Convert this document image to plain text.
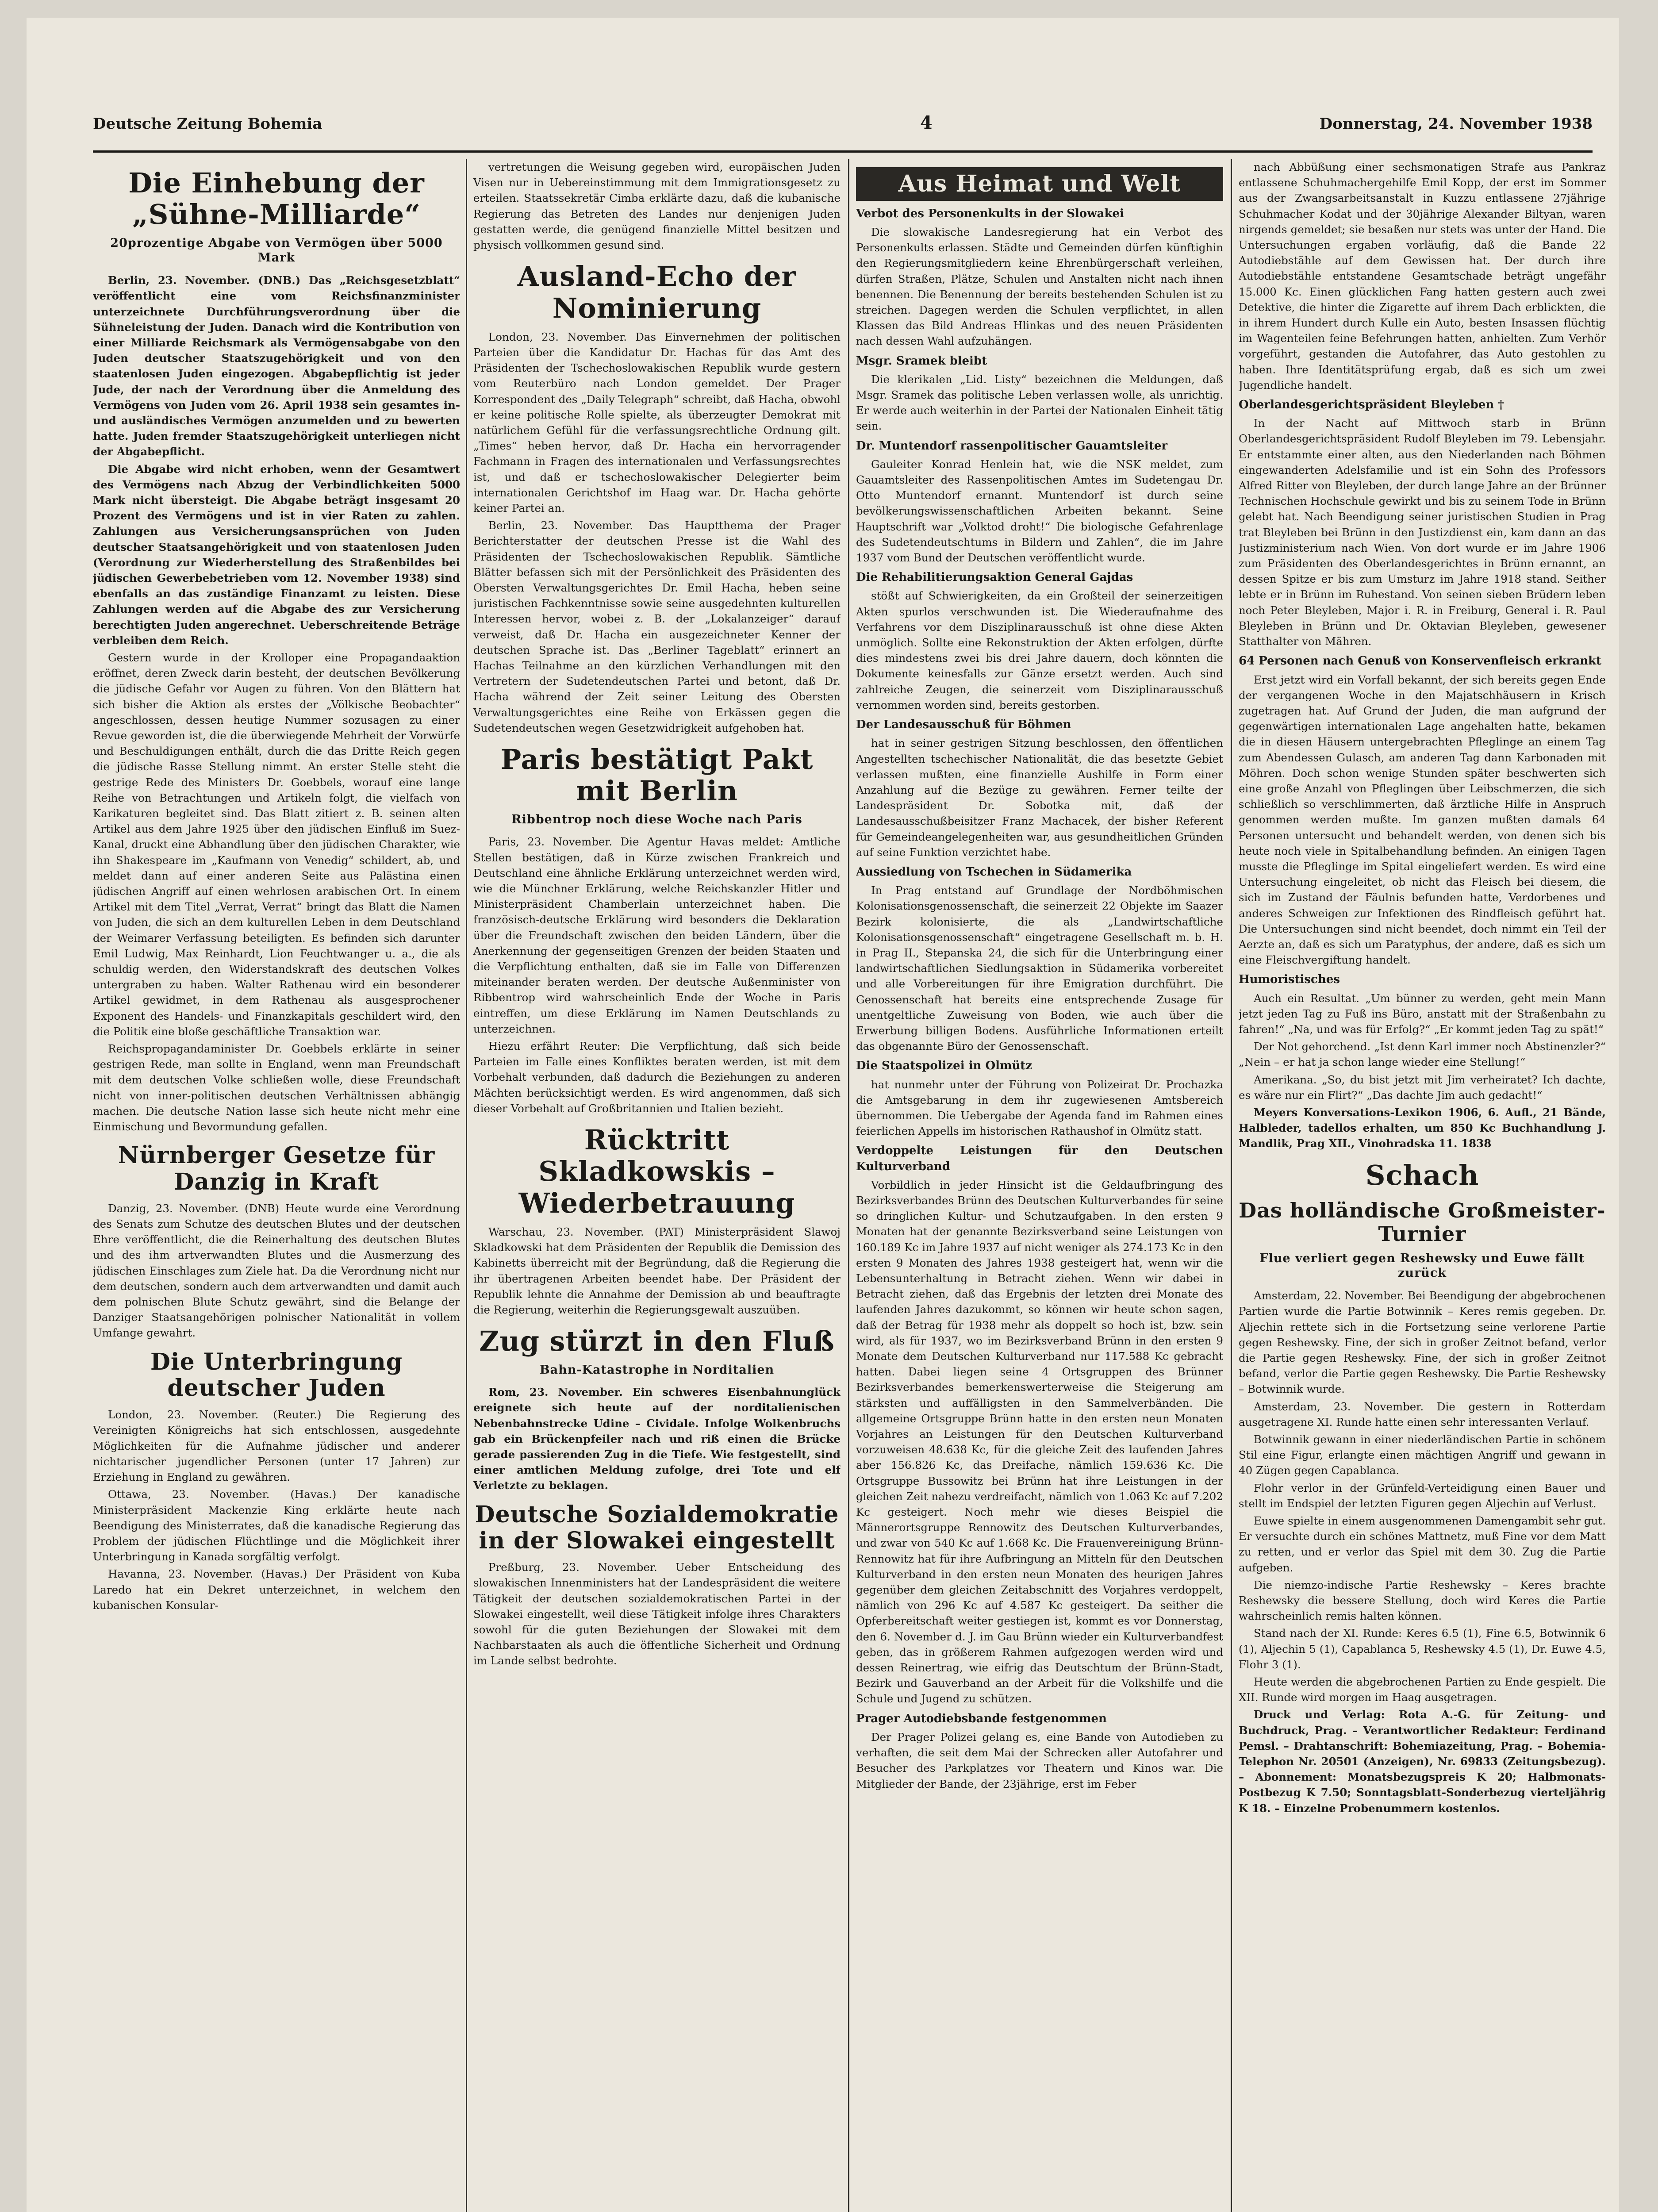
Deutsche Zeitung Bohemia	4	Donnerstag, 24. November 1938
Die Einhebung der „Sühne-Milliarde“
20prozentige Abgabe von Vermögen über 5000 Mark
Berlin, 23. November. (DNB.) Das „Reichsgesetzblatt“ veröffentlicht eine vom Reichsfinanzminister unterzeichnete Durchführungsverordnung über die Sühneleistung der Juden. Danach wird die Kontribution von einer Milliarde Reichsmark als Vermögensabgabe von den Juden deutscher Staatszugehörigkeit und von den staatenlosen Juden eingezogen. Abgabepflichtig ist jeder Jude, der nach der Verordnung über die Anmeldung des Vermögens von Juden vom 26. April 1938 sein gesamtes in- und ausländisches Vermögen anzumelden und zu bewerten hatte. Juden fremder Staatszugehörigkeit unterliegen nicht der Abgabepflicht.
Die Abgabe wird nicht erhoben, wenn der Gesamtwert des Vermögens nach Abzug der Verbindlichkeiten 5000 Mark nicht übersteigt. Die Abgabe beträgt insgesamt 20 Prozent des Vermögens und ist in vier Raten zu zahlen. Zahlungen aus Versicherungsansprüchen von Juden deutscher Staatsangehörigkeit und von staatenlosen Juden (Verordnung zur Wiederherstellung des Straßenbildes bei jüdischen Gewerbebetrieben vom 12. November 1938) sind ebenfalls an das zuständige Finanzamt zu leisten. Diese Zahlungen werden auf die Abgabe des zur Versicherung berechtigten Juden angerechnet. Ueberschreitende Beträge verbleiben dem Reich.
Gestern wurde in der Krolloper eine Propagandaaktion eröffnet, deren Zweck darin besteht, der deutschen Bevölkerung die jüdische Gefahr vor Augen zu führen. Von den Blättern hat sich bisher die Aktion als erstes der „Völkische Beobachter“ angeschlossen, dessen heutige Nummer sozusagen zu einer Revue geworden ist, die die überwiegende Mehrheit der Vorwürfe und Beschuldigungen enthält, durch die das Dritte Reich gegen die jüdische Rasse Stellung nimmt. An erster Stelle steht die gestrige Rede des Ministers Dr. Goebbels, worauf eine lange Reihe von Betrachtungen und Artikeln folgt, die vielfach von Karikaturen begleitet sind. Das Blatt zitiert z. B. seinen alten Artikel aus dem Jahre 1925 über den jüdischen Einfluß im Suez-Kanal, druckt eine Abhandlung über den jüdischen Charakter, wie ihn Shakespeare im „Kaufmann von Venedig“ schildert, ab, und meldet dann auf einer anderen Seite aus Palästina einen jüdischen Angriff auf einen wehrlosen arabischen Ort. In einem Artikel mit dem Titel „Verrat, Verrat“ bringt das Blatt die Namen von Juden, die sich an dem kulturellen Leben in dem Deutschland der Weimarer Verfassung beteiligten. Es befinden sich darunter Emil Ludwig, Max Reinhardt, Lion Feuchtwanger u. a., die als schuldig werden, den Widerstandskraft des deutschen Volkes untergraben zu haben. Walter Rathenau wird ein besonderer Artikel gewidmet, in dem Rathenau als ausgesprochener Exponent des Handels- und Finanzkapitals geschildert wird, den die Politik eine bloße geschäftliche Transaktion war.
Reichspropagandaminister Dr. Goebbels erklärte in seiner gestrigen Rede, man sollte in England, wenn man Freundschaft mit dem deutschen Volke schließen wolle, diese Freundschaft nicht von inner-politischen deutschen Verhältnissen abhängig machen. Die deutsche Nation lasse sich heute nicht mehr eine Einmischung und Bevormundung gefallen.
Nürnberger Gesetze für Danzig in Kraft
Danzig, 23. November. (DNB) Heute wurde eine Verordnung des Senats zum Schutze des deutschen Blutes und der deutschen Ehre veröffentlicht, die die Reinerhaltung des deutschen Blutes und des ihm artverwandten Blutes und die Ausmerzung des jüdischen Einschlages zum Ziele hat. Da die Verordnung nicht nur dem deutschen, sondern auch dem artverwandten und damit auch dem polnischen Blute Schutz gewährt, sind die Belange der Danziger Staatsangehörigen polnischer Nationalität in vollem Umfange gewahrt.
Die Unterbringung deutscher Juden
London, 23. November. (Reuter.) Die Regierung des Vereinigten Königreichs hat sich entschlossen, ausgedehnte Möglichkeiten für die Aufnahme jüdischer und anderer nichtarischer jugendlicher Personen (unter 17 Jahren) zur Erziehung in England zu gewähren.
Ottawa, 23. November. (Havas.) Der kanadische Ministerpräsident Mackenzie King erklärte heute nach Beendigung des Ministerrates, daß die kanadische Regierung das Problem der jüdischen Flüchtlinge und die Möglichkeit ihrer Unterbringung in Kanada sorgfältig verfolgt.
Havanna, 23. November. (Havas.) Der Präsident von Kuba Laredo hat ein Dekret unterzeichnet, in welchem den kubanischen Konsular-
vertretungen die Weisung gegeben wird, europäischen Juden Visen nur in Uebereinstimmung mit dem Immigrationsgesetz zu erteilen. Staatssekretär Cimba erklärte dazu, daß die kubanische Regierung das Betreten des Landes nur denjenigen Juden gestatten werde, die genügend finanzielle Mittel besitzen und physisch vollkommen gesund sind.
Ausland-Echo der Nominierung
London, 23. November. Das Einvernehmen der politischen Parteien über die Kandidatur Dr. Hachas für das Amt des Präsidenten der Tschechoslowakischen Republik wurde gestern vom Reuterbüro nach London gemeldet. Der Prager Korrespondent des „Daily Telegraph“ schreibt, daß Hacha, obwohl er keine politische Rolle spielte, als überzeugter Demokrat mit natürlichem Gefühl für die verfassungsrechtliche Ordnung gilt. „Times“ heben hervor, daß Dr. Hacha ein hervorragender Fachmann in Fragen des internationalen und Verfassungsrechtes ist, und daß er tschechoslowakischer Delegierter beim internationalen Gerichtshof im Haag war. Dr. Hacha gehörte keiner Partei an.
Berlin, 23. November. Das Hauptthema der Prager Berichterstatter der deutschen Presse ist die Wahl des Präsidenten der Tschechoslowakischen Republik. Sämtliche Blätter befassen sich mit der Persönlichkeit des Präsidenten des Obersten Verwaltungsgerichtes Dr. Emil Hacha, heben seine juristischen Fachkenntnisse sowie seine ausgedehnten kulturellen Interessen hervor, wobei z. B. der „Lokalanzeiger“ darauf verweist, daß Dr. Hacha ein ausgezeichneter Kenner der deutschen Sprache ist. Das „Berliner Tageblatt“ erinnert an Hachas Teilnahme an den kürzlichen Verhandlungen mit den Vertretern der Sudetendeutschen Partei und betont, daß Dr. Hacha während der Zeit seiner Leitung des Obersten Verwaltungsgerichtes eine Reihe von Erkässen gegen die Sudetendeutschen wegen Gesetzwidrigkeit aufgehoben hat.
Paris bestätigt Pakt mit Berlin
Ribbentrop noch diese Woche nach Paris
Paris, 23. November. Die Agentur Havas meldet: Amtliche Stellen bestätigen, daß in Kürze zwischen Frankreich und Deutschland eine ähnliche Erklärung unterzeichnet werden wird, wie die Münchner Erklärung, welche Reichskanzler Hitler und Ministerpräsident Chamberlain unterzeichnet haben. Die französisch-deutsche Erklärung wird besonders die Deklaration über die Freundschaft zwischen den beiden Ländern, über die Anerkennung der gegenseitigen Grenzen der beiden Staaten und die Verpflichtung enthalten, daß sie im Falle von Differenzen miteinander beraten werden. Der deutsche Außenminister von Ribbentrop wird wahrscheinlich Ende der Woche in Paris eintreffen, um diese Erklärung im Namen Deutschlands zu unterzeichnen.
Hiezu erfährt Reuter: Die Verpflichtung, daß sich beide Parteien im Falle eines Konfliktes beraten werden, ist mit dem Vorbehalt verbunden, daß dadurch die Beziehungen zu anderen Mächten berücksichtigt werden. Es wird angenommen, daß sich dieser Vorbehalt auf Großbritannien und Italien bezieht.
Rücktritt Skladkowskis – Wiederbetrauung
Warschau, 23. November. (PAT) Ministerpräsident Slawoj Skladkowski hat dem Präsidenten der Republik die Demission des Kabinetts überreicht mit der Begründung, daß die Regierung die ihr übertragenen Arbeiten beendet habe. Der Präsident der Republik lehnte die Annahme der Demission ab und beauftragte die Regierung, weiterhin die Regierungsgewalt auszuüben.
Zug stürzt in den Fluß
Bahn-Katastrophe in Norditalien
Rom, 23. November. Ein schweres Eisenbahnunglück ereignete sich heute auf der norditalienischen Nebenbahnstrecke Udine – Cividale. Infolge Wolkenbruchs gab ein Brückenpfeiler nach und riß einen die Brücke gerade passierenden Zug in die Tiefe. Wie festgestellt, sind einer amtlichen Meldung zufolge, drei Tote und elf Verletzte zu beklagen.
Deutsche Sozialdemokratie in der Slowakei eingestellt
Preßburg, 23. November. Ueber Entscheidung des slowakischen Innenministers hat der Landespräsident die weitere Tätigkeit der deutschen sozialdemokratischen Partei in der Slowakei eingestellt, weil diese Tätigkeit infolge ihres Charakters sowohl für die guten Beziehungen der Slowakei mit dem Nachbarstaaten als auch die öffentliche Sicherheit und Ordnung im Lande selbst bedrohte.
Aus Heimat und Welt
Verbot des Personenkults in der Slowakei
Die slowakische Landesregierung hat ein Verbot des Personenkults erlassen. Städte und Gemeinden dürfen künftighin den Regierungsmitgliedern keine Ehrenbürgerschaft verleihen, dürfen Straßen, Plätze, Schulen und Anstalten nicht nach ihnen benennen. Die Benennung der bereits bestehenden Schulen ist zu streichen. Dagegen werden die Schulen verpflichtet, in allen Klassen das Bild Andreas Hlinkas und des neuen Präsidenten nach dessen Wahl aufzuhängen.
Msgr. Sramek bleibt
Die klerikalen „Lid. Listy“ bezeichnen die Meldungen, daß Msgr. Sramek das politische Leben verlassen wolle, als unrichtig. Er werde auch weiterhin in der Partei der Nationalen Einheit tätig sein.
Dr. Muntendorf rassenpolitischer Gauamtsleiter
Gauleiter Konrad Henlein hat, wie die NSK meldet, zum Gauamtsleiter des Rassenpolitischen Amtes im Sudetengau Dr. Otto Muntendorf ernannt. Muntendorf ist durch seine bevölkerungswissenschaftlichen Arbeiten bekannt. Seine Hauptschrift war „Volktod droht!“ Die biologische Gefahrenlage des Sudetendeutschtums in Bildern und Zahlen“, die im Jahre 1937 vom Bund der Deutschen veröffentlicht wurde.
Die Rehabilitierungsaktion General Gajdas
stößt auf Schwierigkeiten, da ein Großteil der seinerzeitigen Akten spurlos verschwunden ist. Die Wiederaufnahme des Verfahrens vor dem Disziplinarausschuß ist ohne diese Akten unmöglich. Sollte eine Rekonstruktion der Akten erfolgen, dürfte dies mindestens zwei bis drei Jahre dauern, doch könnten die Dokumente keinesfalls zur Gänze ersetzt werden. Auch sind zahlreiche Zeugen, die seinerzeit vom Disziplinarausschuß vernommen worden sind, bereits gestorben.
Der Landesausschuß für Böhmen
hat in seiner gestrigen Sitzung beschlossen, den öffentlichen Angestellten tschechischer Nationalität, die das besetzte Gebiet verlassen mußten, eine finanzielle Aushilfe in Form einer Anzahlung auf die Bezüge zu gewähren. Ferner teilte der Landespräsident Dr. Sobotka mit, daß der Landesausschußbeisitzer Franz Machacek, der bisher Referent für Gemeindeangelegenheiten war, aus gesundheitlichen Gründen auf seine Funktion verzichtet habe.
Aussiedlung von Tschechen in Südamerika
In Prag entstand auf Grundlage der Nordböhmischen Kolonisationsgenossenschaft, die seinerzeit 22 Objekte im Saazer Bezirk kolonisierte, die als „Landwirtschaftliche Kolonisationsgenossenschaft“ eingetragene Gesellschaft m. b. H. in Prag II., Stepanska 24, die sich für die Unterbringung einer landwirtschaftlichen Siedlungsaktion in Südamerika vorbereitet und alle Vorbereitungen für ihre Emigration durchführt. Die Genossenschaft hat bereits eine entsprechende Zusage für unentgeltliche Zuweisung von Boden, wie auch über die Erwerbung billigen Bodens. Ausführliche Informationen erteilt das obgenannte Büro der Genossenschaft.
Die Staatspolizei in Olmütz
hat nunmehr unter der Führung von Polizeirat Dr. Prochazka die Amtsgebarung in dem ihr zugewiesenen Amtsbereich übernommen. Die Uebergabe der Agenda fand im Rahmen eines feierlichen Appells im historischen Rathaushof in Olmütz statt.
Verdoppelte Leistungen für den Deutschen Kulturverband
Vorbildlich in jeder Hinsicht ist die Geldaufbringung des Bezirksverbandes Brünn des Deutschen Kulturverbandes für seine so dringlichen Kultur- und Schutzaufgaben. In den ersten 9 Monaten hat der genannte Bezirksverband seine Leistungen von 160.189 Kc im Jahre 1937 auf nicht weniger als 274.173 Kc in den ersten 9 Monaten des Jahres 1938 gesteigert hat, wenn wir die Lebensunterhaltung in Betracht ziehen. Wenn wir dabei in Betracht ziehen, daß das Ergebnis der letzten drei Monate des laufenden Jahres dazukommt, so können wir heute schon sagen, daß der Betrag für 1938 mehr als doppelt so hoch ist, bzw. sein wird, als für 1937, wo im Bezirksverband Brünn in den ersten 9 Monate dem Deutschen Kulturverband nur 117.588 Kc gebracht hatten. Dabei liegen seine 4 Ortsgruppen des Brünner Bezirksverbandes bemerkenswerterweise die Steigerung am stärksten und auffälligsten in den Sammelverbänden. Die allgemeine Ortsgruppe Brünn hatte in den ersten neun Monaten Vorjahres an Leistungen für den Deutschen Kulturverband vorzuweisen 48.638 Kc, für die gleiche Zeit des laufenden Jahres aber 156.826 Kc, das Dreifache, nämlich 159.636 Kc. Die Ortsgruppe Bussowitz bei Brünn hat ihre Leistungen in der gleichen Zeit nahezu verdreifacht, nämlich von 1.063 Kc auf 7.202 Kc gesteigert. Noch mehr wie dieses Beispiel die Männerortsgruppe Rennowitz des Deutschen Kulturverbandes, und zwar von 540 Kc auf 1.668 Kc. Die Frauenvereinigung Brünn-Rennowitz hat für ihre Aufbringung an Mitteln für den Deutschen Kulturverband in den ersten neun Monaten des heurigen Jahres gegenüber dem gleichen Zeitabschnitt des Vorjahres verdoppelt, nämlich von 296 Kc auf 4.587 Kc gesteigert. Da seither die Opferbereitschaft weiter gestiegen ist, kommt es vor Donnerstag, den 6. November d. J. im Gau Brünn wieder ein Kulturverbandfest geben, das in größerem Rahmen aufgezogen werden wird und dessen Reinertrag, wie eifrig das Deutschtum der Brünn-Stadt, Bezirk und Gauverband an der Arbeit für die Volkshilfe und die Schule und Jugend zu schützen.
Prager Autodiebsbande festgenommen
Der Prager Polizei gelang es, eine Bande von Autodieben zu verhaften, die seit dem Mai der Schrecken aller Autofahrer und Besucher des Parkplatzes vor Theatern und Kinos war. Die Mitglieder der Bande, der 23jährige, erst im Feber
nach Abbüßung einer sechsmonatigen Strafe aus Pankraz entlassene Schuhmachergehilfe Emil Kopp, der erst im Sommer aus der Zwangsarbeitsanstalt in Kuzzu entlassene 27jährige Schuhmacher Kodat und der 30jährige Alexander Biltyan, waren nirgends gemeldet; sie besaßen nur stets was unter der Hand. Die Untersuchungen ergaben vorläufig, daß die Bande 22 Autodiebstähle auf dem Gewissen hat. Der durch ihre Autodiebstähle entstandene Gesamtschade beträgt ungefähr 15.000 Kc. Einen glücklichen Fang hatten gestern auch zwei Detektive, die hinter die Zigarette auf ihrem Dach erblickten, die in ihrem Hundert durch Kulle ein Auto, besten Insassen flüchtig im Wagenteilen feine Befehrungen hatten, anhielten. Zum Verhör vorgeführt, gestanden die Autofahrer, das Auto gestohlen zu haben. Ihre Identitätsprüfung ergab, daß es sich um zwei Jugendliche handelt.
Oberlandesgerichtspräsident Bleyleben †
In der Nacht auf Mittwoch starb in Brünn Oberlandesgerichtspräsident Rudolf Bleyleben im 79. Lebensjahr. Er entstammte einer alten, aus den Niederlanden nach Böhmen eingewanderten Adelsfamilie und ist ein Sohn des Professors Alfred Ritter von Bleyleben, der durch lange Jahre an der Brünner Technischen Hochschule gewirkt und bis zu seinem Tode in Brünn gelebt hat. Nach Beendigung seiner juristischen Studien in Prag trat Bleyleben bei Brünn in den Justizdienst ein, kam dann an das Justizministerium nach Wien. Von dort wurde er im Jahre 1906 zum Präsidenten des Oberlandesgerichtes in Brünn ernannt, an dessen Spitze er bis zum Umsturz im Jahre 1918 stand. Seither lebte er in Brünn im Ruhestand. Von seinen sieben Brüdern leben noch Peter Bleyleben, Major i. R. in Freiburg, General i. R. Paul Bleyleben in Brünn und Dr. Oktavian Bleyleben, gewesener Statthalter von Mähren.
64 Personen nach Genuß von Konservenfleisch erkrankt
Erst jetzt wird ein Vorfall bekannt, der sich bereits gegen Ende der vergangenen Woche in den Majatschhäusern in Krisch zugetragen hat. Auf Grund der Juden, die man aufgrund der gegenwärtigen internationalen Lage angehalten hatte, bekamen die in diesen Häusern untergebrachten Pfleglinge an einem Tag zum Abendessen Gulasch, am anderen Tag dann Karbonaden mit Möhren. Doch schon wenige Stunden später beschwerten sich eine große Anzahl von Pfleglingen über Leibschmerzen, die sich schließlich so verschlimmerten, daß ärztliche Hilfe in Anspruch genommen werden mußte. Im ganzen mußten damals 64 Personen untersucht und behandelt werden, von denen sich bis heute noch viele in Spitalbehandlung befinden. An einigen Tagen musste die Pfleglinge im Spital eingeliefert werden. Es wird eine Untersuchung eingeleitet, ob nicht das Fleisch bei diesem, die sich im Zustand der Fäulnis befunden hatte, Verdorbenes und anderes Schweigen zur Infektionen des Rindfleisch geführt hat. Die Untersuchungen sind nicht beendet, doch nimmt ein Teil der Aerzte an, daß es sich um Paratyphus, der andere, daß es sich um eine Fleischvergiftung handelt.
Humoristisches
Auch ein Resultat. „Um bünner zu werden, geht mein Mann jetzt jeden Tag zu Fuß ins Büro, anstatt mit der Straßenbahn zu fahren!“ „Na, und was für Erfolg?“ „Er kommt jeden Tag zu spät!“
Der Not gehorchend. „Ist denn Karl immer noch Abstinenzler?“ „Nein – er hat ja schon lange wieder eine Stellung!“
Amerikana. „So, du bist jetzt mit Jim verheiratet? Ich dachte, es wäre nur ein Flirt?“ „Das dachte Jim auch gedacht!“
Meyers Konversations-Lexikon 1906, 6. Aufl., 21 Bände, Halbleder, tadellos erhalten, um 850 Kc Buchhandlung J. Mandlik, Prag XII., Vinohradska 11. 1838
Schach
Das holländische Großmeister-Turnier
Flue verliert gegen Reshewsky und Euwe fällt zurück
Amsterdam, 22. November. Bei Beendigung der abgebrochenen Partien wurde die Partie Botwinnik – Keres remis gegeben. Dr. Aljechin rettete sich in die Fortsetzung seine verlorene Partie gegen Reshewsky. Fine, der sich in großer Zeitnot befand, verlor die Partie gegen Reshewsky. Fine, der sich in großer Zeitnot befand, verlor die Partie gegen Reshewsky. Die Partie Reshewsky – Botwinnik wurde.
Amsterdam, 23. November. Die gestern in Rotterdam ausgetragene XI. Runde hatte einen sehr interessanten Verlauf.
Botwinnik gewann in einer niederländischen Partie in schönem Stil eine Figur, erlangte einen mächtigen Angriff und gewann in 40 Zügen gegen Capablanca.
Flohr verlor in der Grünfeld-Verteidigung einen Bauer und stellt im Endspiel der letzten Figuren gegen Aljechin auf Verlust.
Euwe spielte in einem ausgenommenen Damengambit sehr gut. Er versuchte durch ein schönes Mattnetz, muß Fine vor dem Matt zu retten, und er verlor das Spiel mit dem 30. Zug die Partie aufgeben.
Die niemzo-indische Partie Reshewsky – Keres brachte Reshewsky die bessere Stellung, doch wird Keres die Partie wahrscheinlich remis halten können.
Stand nach der XI. Runde: Keres 6.5 (1), Fine 6.5, Botwinnik 6 (1), Aljechin 5 (1), Capablanca 5, Reshewsky 4.5 (1), Dr. Euwe 4.5, Flohr 3 (1).
Heute werden die abgebrochenen Partien zu Ende gespielt. Die XII. Runde wird morgen im Haag ausgetragen.
Druck und Verlag: Rota A.-G. für Zeitung- und Buchdruck, Prag. – Verantwortlicher Redakteur: Ferdinand Pemsl. – Drahtanschrift: Bohemiazeitung, Prag. – Bohemia-Telephon Nr. 20501 (Anzeigen), Nr. 69833 (Zeitungsbezug). – Abonnement: Monatsbezugspreis K 20; Halbmonats-Postbezug K 7.50; Sonntagsblatt-Sonderbezug vierteljährig K 18. – Einzelne Probenummern kostenlos.
